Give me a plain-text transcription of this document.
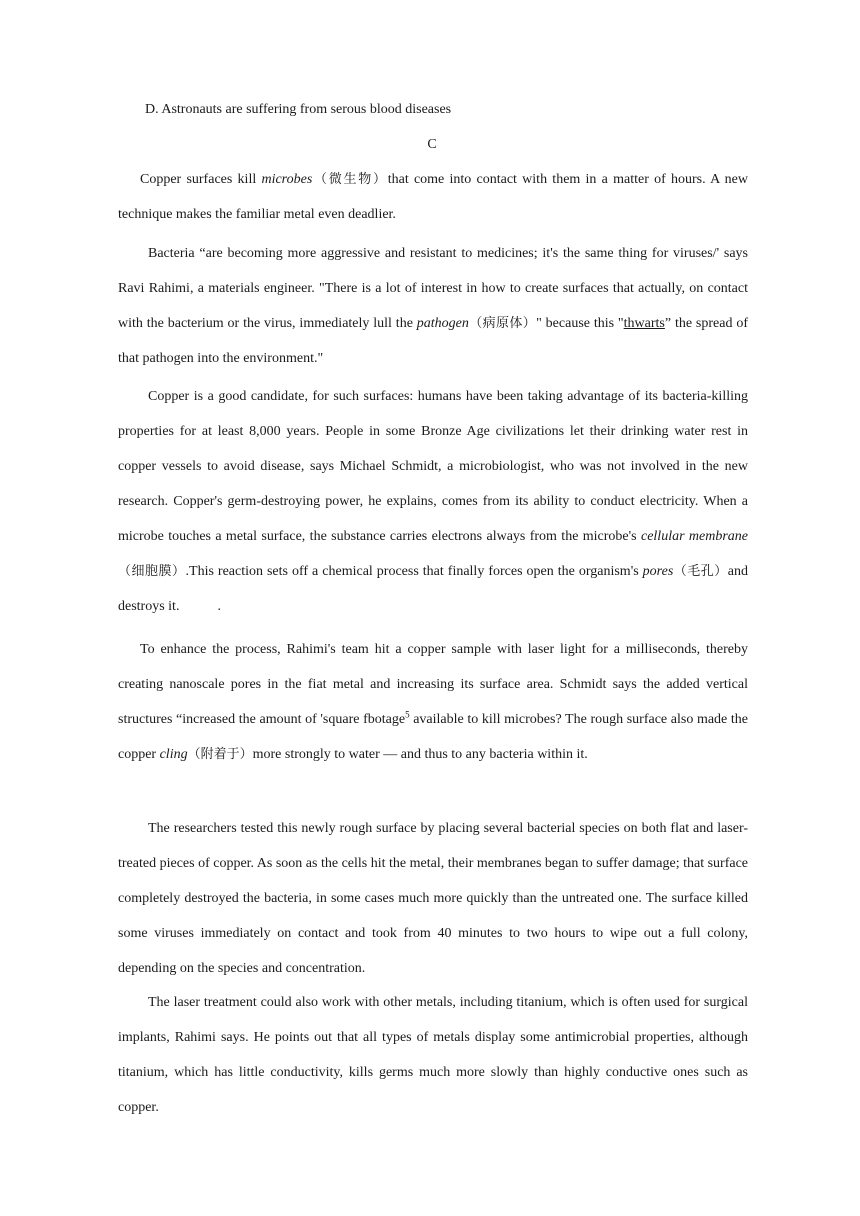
D. Astronauts are suffering from serous blood diseases

C

Copper surfaces kill microbes（微生物）that come into contact with them in a matter of hours. A new technique makes the familiar metal even deadlier.

Bacteria “are becoming more aggressive and resistant to medicines; it's the same thing for viruses/' says Ravi Rahimi, a materials engineer. "There is a lot of interest in how to create surfaces that actually, on contact with the bacterium or the virus, immediately lull the pathogen（病原体）" because this "thwarts” the spread of that pathogen into the environment."

Copper is a good candidate, for such surfaces: humans have been taking advantage of its bacteria-killing properties for at least 8,000 years. People in some Bronze Age civilizations let their drinking water rest in copper vessels to avoid disease, says Michael Schmidt, a microbiologist, who was not involved in the new research. Copper's germ-destroying power, he explains, comes from its ability to conduct electricity. When a microbe touches a metal surface, the substance carries electrons always from the microbe's cellular membrane（细胞膜）.This reaction sets off a chemical process that finally forces open the organism's pores（毛孔）and destroys it.	.

To enhance the process, Rahimi's team hit a copper sample with laser light for a milliseconds, thereby creating nanoscale pores in the fiat metal and increasing its surface area. Schmidt says the added vertical structures “increased the amount of 'square fbotage$^5$ available to kill microbes? The rough surface also made the copper cling（附着于）more strongly to water — and thus to any bacteria within it.

The researchers tested this newly rough surface by placing several bacterial species on both flat and laser-treated pieces of copper. As soon as the cells hit the metal, their membranes began to suffer damage; that surface completely destroyed the bacteria, in some cases much more quickly than the untreated one. The surface killed some viruses immediately on contact and took from 40 minutes to two hours to wipe out a full colony, depending on the species and concentration.

The laser treatment could also work with other metals, including titanium, which is often used for surgical implants, Rahimi says. He points out that all types of metals display some antimicrobial properties, although titanium, which has little conductivity, kills germs much more slowly than highly conductive ones such as copper.
